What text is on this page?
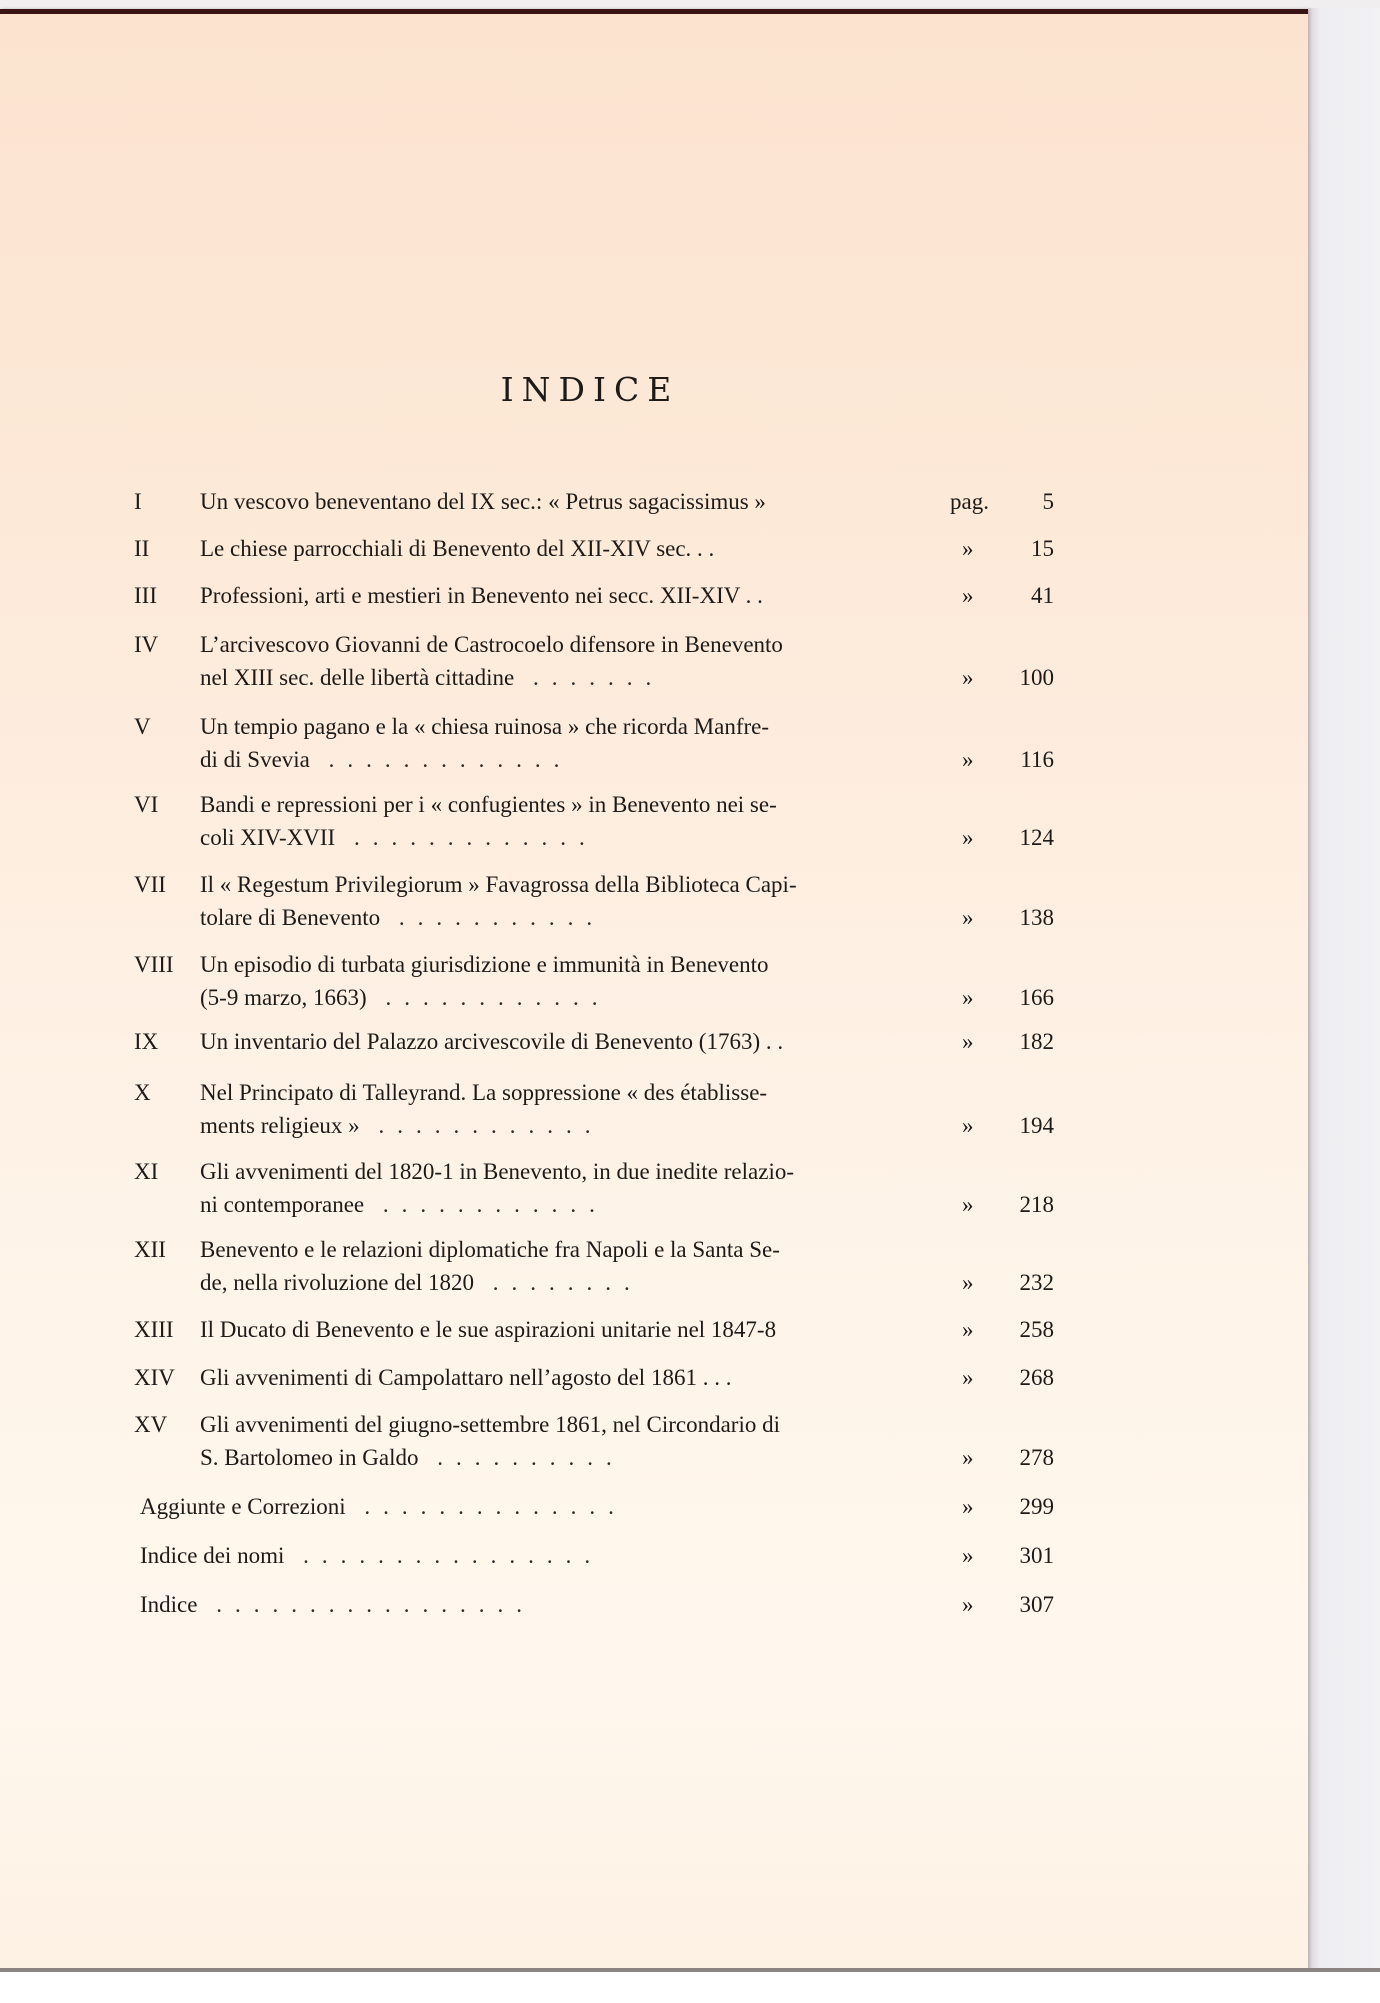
INDICE
I	Un vescovo beneventano del IX sec.: « Petrus sagacissimus »	pag.	5
II Le chiese parrocchiali di Benevento del XII-XIV sec. . .	»	15
III Professioni, arti e mestieri in Benevento nei secc. XII-XIV . .	»	41
IV L’arcivescovo Giovanni de Castrocoelo difensore in Benevento
nel XIII sec. delle libertà cittadine .......	»	100
V Un tempio pagano e la « chiesa ruinosa » che ricorda Manfre-
di di Svevia .............	»	116
VI Bandi e repressioni per i « confugientes » in Benevento nei se-
coli XIV-XVII .............	»	124
VII Il « Regestum Privilegiorum » Favagrossa della Biblioteca Capi-
tolare di Benevento ...........	»	138
VIII Un episodio di turbata giurisdizione e immunità in Benevento
(5-9 marzo, 1663) ............	»	166
IX Un inventario del Palazzo arcivescovile di Benevento (1763) . .	»	182
X Nel Principato di Talleyrand. La soppressione « des établisse-
ments religieux » ............	»	194
XI Gli avvenimenti del 1820-1 in Benevento, in due inedite relazio-
ni contemporanee ............	»	218
XII Benevento e le relazioni diplomatiche fra Napoli e la Santa Se-
de, nella rivoluzione del 1820 ........	»	232
XIII Il Ducato di Benevento e le sue aspirazioni unitarie nel 1847-8	»	258
XIV Gli avvenimenti di Campolattaro nell’agosto del 1861 . . .	»	268
XV Gli avvenimenti del giugno-settembre 1861, nel Circondario di
S. Bartolomeo in Galdo ..........	»	278
Aggiunte e Correzioni ..............	»	299
Indice dei nomi ................	»	301
Indice .................	»	307
